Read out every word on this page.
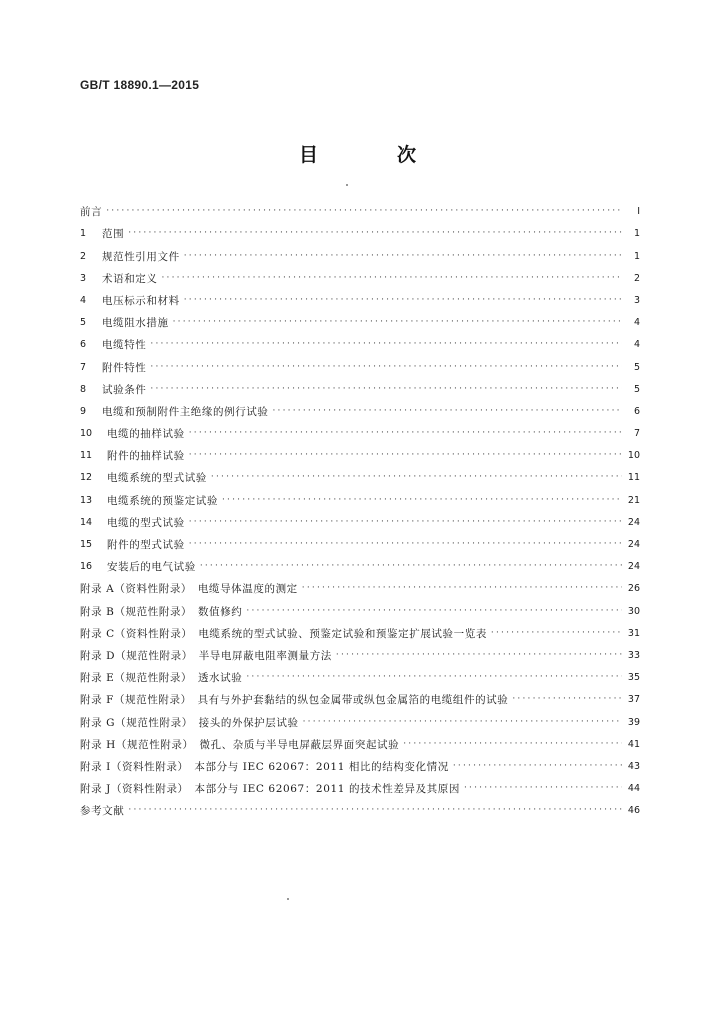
GB/T 18890.1—2015
目　次
前言 ·····	Ⅰ
1	范围 ·····	1
2	规范性引用文件 ·····	1
3	术语和定义 ·····	2
4	电压标示和材料 ·····	3
5	电缆阻水措施 ·····	4
6	电缆特性 ·····	4
7	附件特性 ·····	5
8	试验条件 ·····	5
9	电缆和预制附件主绝缘的例行试验 ·····	6
10	电缆的抽样试验 ·····	7
11	附件的抽样试验 ·····	10
12	电缆系统的型式试验 ·····	11
13	电缆系统的预鉴定试验 ·····	21
14	电缆的型式试验 ·····	24
15	附件的型式试验 ·····	24
16	安装后的电气试验 ·····	24
附录 A（资料性附录）　电缆导体温度的测定 ·····	26
附录 B（规范性附录）　数值修约 ·····	30
附录 C（资料性附录）　电缆系统的型式试验、预鉴定试验和预鉴定扩展试验一览表 ·····	31
附录 D（规范性附录）　半导电屏蔽电阻率测量方法 ·····	33
附录 E（规范性附录）　透水试验 ·····	35
附录 F（规范性附录）　具有与外护套黏结的纵包金属带或纵包金属箔的电缆组件的试验 ·····	37
附录 G（规范性附录）　接头的外保护层试验 ·····	39
附录 H（规范性附录）　微孔、杂质与半导电屏蔽层界面突起试验 ·····	41
附录 I（资料性附录）　本部分与 IEC 62067：2011 相比的结构变化情况 ·····	43
附录 J（资料性附录）　本部分与 IEC 62067：2011 的技术性差异及其原因 ·····	44
参考文献 ·····	46
